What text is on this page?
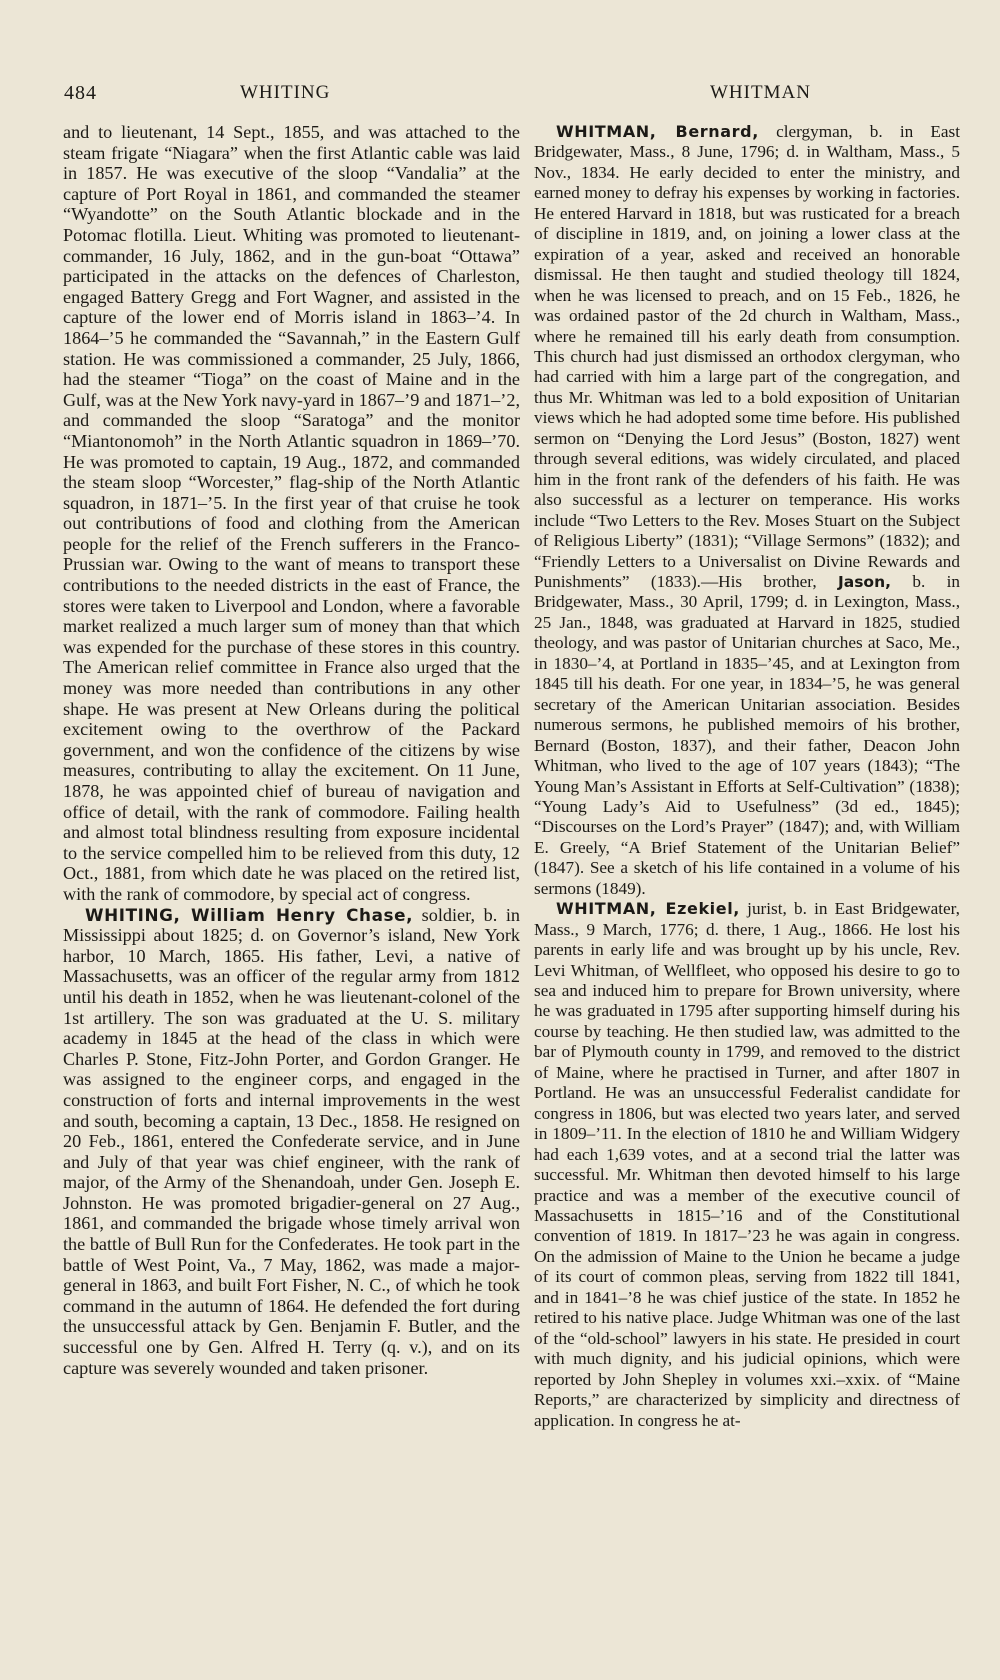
484	WHITING	WHITMAN

and to lieutenant, 14 Sept., 1855, and was attached to the steam frigate “Niagara” when the first Atlantic cable was laid in 1857. He was executive of the sloop “Vandalia” at the capture of Port Royal in 1861, and commanded the steamer “Wyandotte” on the South Atlantic blockade and in the Potomac flotilla. Lieut. Whiting was promoted to lieutenant-commander, 16 July, 1862, and in the gun-boat “Ottawa” participated in the attacks on the defences of Charleston, engaged Battery Gregg and Fort Wagner, and assisted in the capture of the lower end of Morris island in 1863–’4. In 1864–’5 he commanded the “Savannah,” in the Eastern Gulf station. He was commissioned a commander, 25 July, 1866, had the steamer “Tioga” on the coast of Maine and in the Gulf, was at the New York navy-yard in 1867–’9 and 1871–’2, and commanded the sloop “Saratoga” and the monitor “Miantonomoh” in the North Atlantic squadron in 1869–’70. He was promoted to captain, 19 Aug., 1872, and commanded the steam sloop “Worcester,” flag-ship of the North Atlantic squadron, in 1871–’5. In the first year of that cruise he took out contributions of food and clothing from the American people for the relief of the French sufferers in the Franco-Prussian war. Owing to the want of means to transport these contributions to the needed districts in the east of France, the stores were taken to Liverpool and London, where a favorable market realized a much larger sum of money than that which was expended for the purchase of these stores in this country. The American relief committee in France also urged that the money was more needed than contributions in any other shape. He was present at New Orleans during the political excitement owing to the overthrow of the Packard government, and won the confidence of the citizens by wise measures, contributing to allay the excitement. On 11 June, 1878, he was appointed chief of bureau of navigation and office of detail, with the rank of commodore. Failing health and almost total blindness resulting from exposure incidental to the service compelled him to be relieved from this duty, 12 Oct., 1881, from which date he was placed on the retired list, with the rank of commodore, by special act of congress.

WHITING, William Henry Chase, soldier, b. in Mississippi about 1825; d. on Governor’s island, New York harbor, 10 March, 1865. His father, Levi, a native of Massachusetts, was an officer of the regular army from 1812 until his death in 1852, when he was lieutenant-colonel of the 1st artillery. The son was graduated at the U. S. military academy in 1845 at the head of the class in which were Charles P. Stone, Fitz-John Porter, and Gordon Granger. He was assigned to the engineer corps, and engaged in the construction of forts and internal improvements in the west and south, becoming a captain, 13 Dec., 1858. He resigned on 20 Feb., 1861, entered the Confederate service, and in June and July of that year was chief engineer, with the rank of major, of the Army of the Shenandoah, under Gen. Joseph E. Johnston. He was promoted brigadier-general on 27 Aug., 1861, and commanded the brigade whose timely arrival won the battle of Bull Run for the Confederates. He took part in the battle of West Point, Va., 7 May, 1862, was made a major-general in 1863, and built Fort Fisher, N. C., of which he took command in the autumn of 1864. He defended the fort during the unsuccessful attack by Gen. Benjamin F. Butler, and the successful one by Gen. Alfred H. Terry (q. v.), and on its capture was severely wounded and taken prisoner.

WHITMAN, Bernard, clergyman, b. in East Bridgewater, Mass., 8 June, 1796; d. in Waltham, Mass., 5 Nov., 1834. He early decided to enter the ministry, and earned money to defray his expenses by working in factories. He entered Harvard in 1818, but was rusticated for a breach of discipline in 1819, and, on joining a lower class at the expiration of a year, asked and received an honorable dismissal. He then taught and studied theology till 1824, when he was licensed to preach, and on 15 Feb., 1826, he was ordained pastor of the 2d church in Waltham, Mass., where he remained till his early death from consumption. This church had just dismissed an orthodox clergyman, who had carried with him a large part of the congregation, and thus Mr. Whitman was led to a bold exposition of Unitarian views which he had adopted some time before. His published sermon on “Denying the Lord Jesus” (Boston, 1827) went through several editions, was widely circulated, and placed him in the front rank of the defenders of his faith. He was also successful as a lecturer on temperance. His works include “Two Letters to the Rev. Moses Stuart on the Subject of Religious Liberty” (1831); “Village Sermons” (1832); and “Friendly Letters to a Universalist on Divine Rewards and Punishments” (1833).—His brother, Jason, b. in Bridgewater, Mass., 30 April, 1799; d. in Lexington, Mass., 25 Jan., 1848, was graduated at Harvard in 1825, studied theology, and was pastor of Unitarian churches at Saco, Me., in 1830–’4, at Portland in 1835–’45, and at Lexington from 1845 till his death. For one year, in 1834–’5, he was general secretary of the American Unitarian association. Besides numerous sermons, he published memoirs of his brother, Bernard (Boston, 1837), and their father, Deacon John Whitman, who lived to the age of 107 years (1843); “The Young Man’s Assistant in Efforts at Self-Cultivation” (1838); “Young Lady’s Aid to Usefulness” (3d ed., 1845); “Discourses on the Lord’s Prayer” (1847); and, with William E. Greely, “A Brief Statement of the Unitarian Belief” (1847). See a sketch of his life contained in a volume of his sermons (1849).

WHITMAN, Ezekiel, jurist, b. in East Bridgewater, Mass., 9 March, 1776; d. there, 1 Aug., 1866. He lost his parents in early life and was brought up by his uncle, Rev. Levi Whitman, of Wellfleet, who opposed his desire to go to sea and induced him to prepare for Brown university, where he was graduated in 1795 after supporting himself during his course by teaching. He then studied law, was admitted to the bar of Plymouth county in 1799, and removed to the district of Maine, where he practised in Turner, and after 1807 in Portland. He was an unsuccessful Federalist candidate for congress in 1806, but was elected two years later, and served in 1809–’11. In the election of 1810 he and William Widgery had each 1,639 votes, and at a second trial the latter was successful. Mr. Whitman then devoted himself to his large practice and was a member of the executive council of Massachusetts in 1815–’16 and of the Constitutional convention of 1819. In 1817–’23 he was again in congress. On the admission of Maine to the Union he became a judge of its court of common pleas, serving from 1822 till 1841, and in 1841–’8 he was chief justice of the state. In 1852 he retired to his native place. Judge Whitman was one of the last of the “old-school” lawyers in his state. He presided in court with much dignity, and his judicial opinions, which were reported by John Shepley in volumes xxi.–xxix. of “Maine Reports,” are characterized by simplicity and directness of application. In congress he at-
